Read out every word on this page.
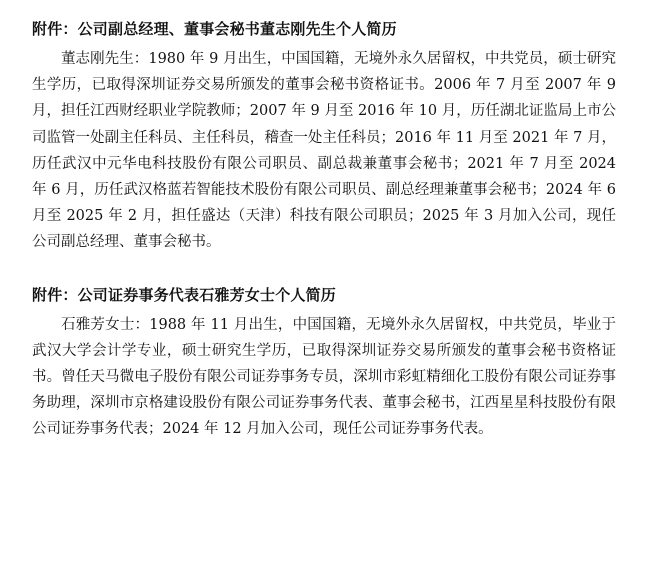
附件：公司副总经理、董事会秘书董志刚先生个人简历

董志刚先生：1980 年 9 月出生，中国国籍，无境外永久居留权，中共党员，硕士研究生学历，已取得深圳证券交易所颁发的董事会秘书资格证书。2006 年 7 月至 2007 年 9 月，担任江西财经职业学院教师；2007 年 9 月至 2016 年 10 月，历任湖北证监局上市公司监管一处副主任科员、主任科员，稽查一处主任科员；2016 年 11 月至 2021 年 7 月，历任武汉中元华电科技股份有限公司职员、副总裁兼董事会秘书；2021 年 7 月至 2024 年 6 月，历任武汉格蓝若智能技术股份有限公司职员、副总经理兼董事会秘书；2024 年 6 月至 2025 年 2 月，担任盛达（天津）科技有限公司职员；2025 年 3 月加入公司，现任公司副总经理、董事会秘书。

附件：公司证券事务代表石雅芳女士个人简历

石雅芳女士：1988 年 11 月出生，中国国籍，无境外永久居留权，中共党员，毕业于武汉大学会计学专业，硕士研究生学历，已取得深圳证券交易所颁发的董事会秘书资格证书。曾任天马微电子股份有限公司证券事务专员，深圳市彩虹精细化工股份有限公司证券事务助理，深圳市京格建设股份有限公司证券事务代表、董事会秘书，江西星星科技股份有限公司证券事务代表；2024 年 12 月加入公司，现任公司证券事务代表。
